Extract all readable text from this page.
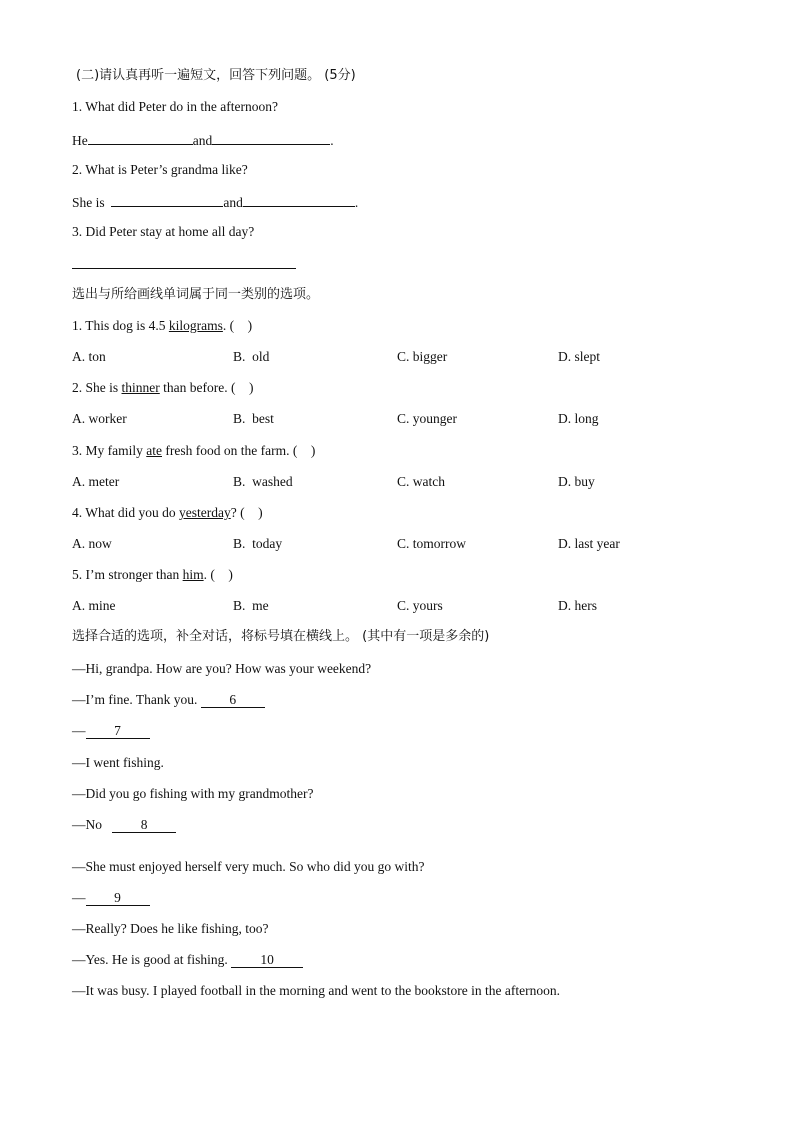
(二)请认真再听一遍短文，回答下列问题。 (5分)
1. What did Peter do in the afternoon?
He	and	.
2. What is Peter’s grandma like?
She is	and	.
3. Did Peter stay at home all day?
选出与所给画线单词属于同一类别的选项。
1. This dog is 4.5 kilograms. (    )
A. ton	B.  old	C. bigger	D. slept
2. She is thinner than before. (    )
A. worker	B.  best	C. younger	D. long
3. My family ate fresh food on the farm. (    )
A. meter	B.  washed	C. watch	D. buy
4. What did you do yesterday? (    )
A. now	B.  today	C. tomorrow	D. last year
5. I’m stronger than him. (    )
A. mine	B.  me	C. yours	D. hers
选择合适的选项，补全对话，将标号填在横线上。 (其中有一项是多余的)
—Hi, grandpa. How are you? How was your weekend?
—I’m fine. Thank you. 6
— 7
—I went fishing.
—Did you go fishing with my grandmother?
—No	8
—She must enjoyed herself very much. So who did you go with?
— 9
—Really? Does he like fishing, too?
—Yes. He is good at fishing. 10
—It was busy. I played football in the morning and went to the bookstore in the afternoon.
